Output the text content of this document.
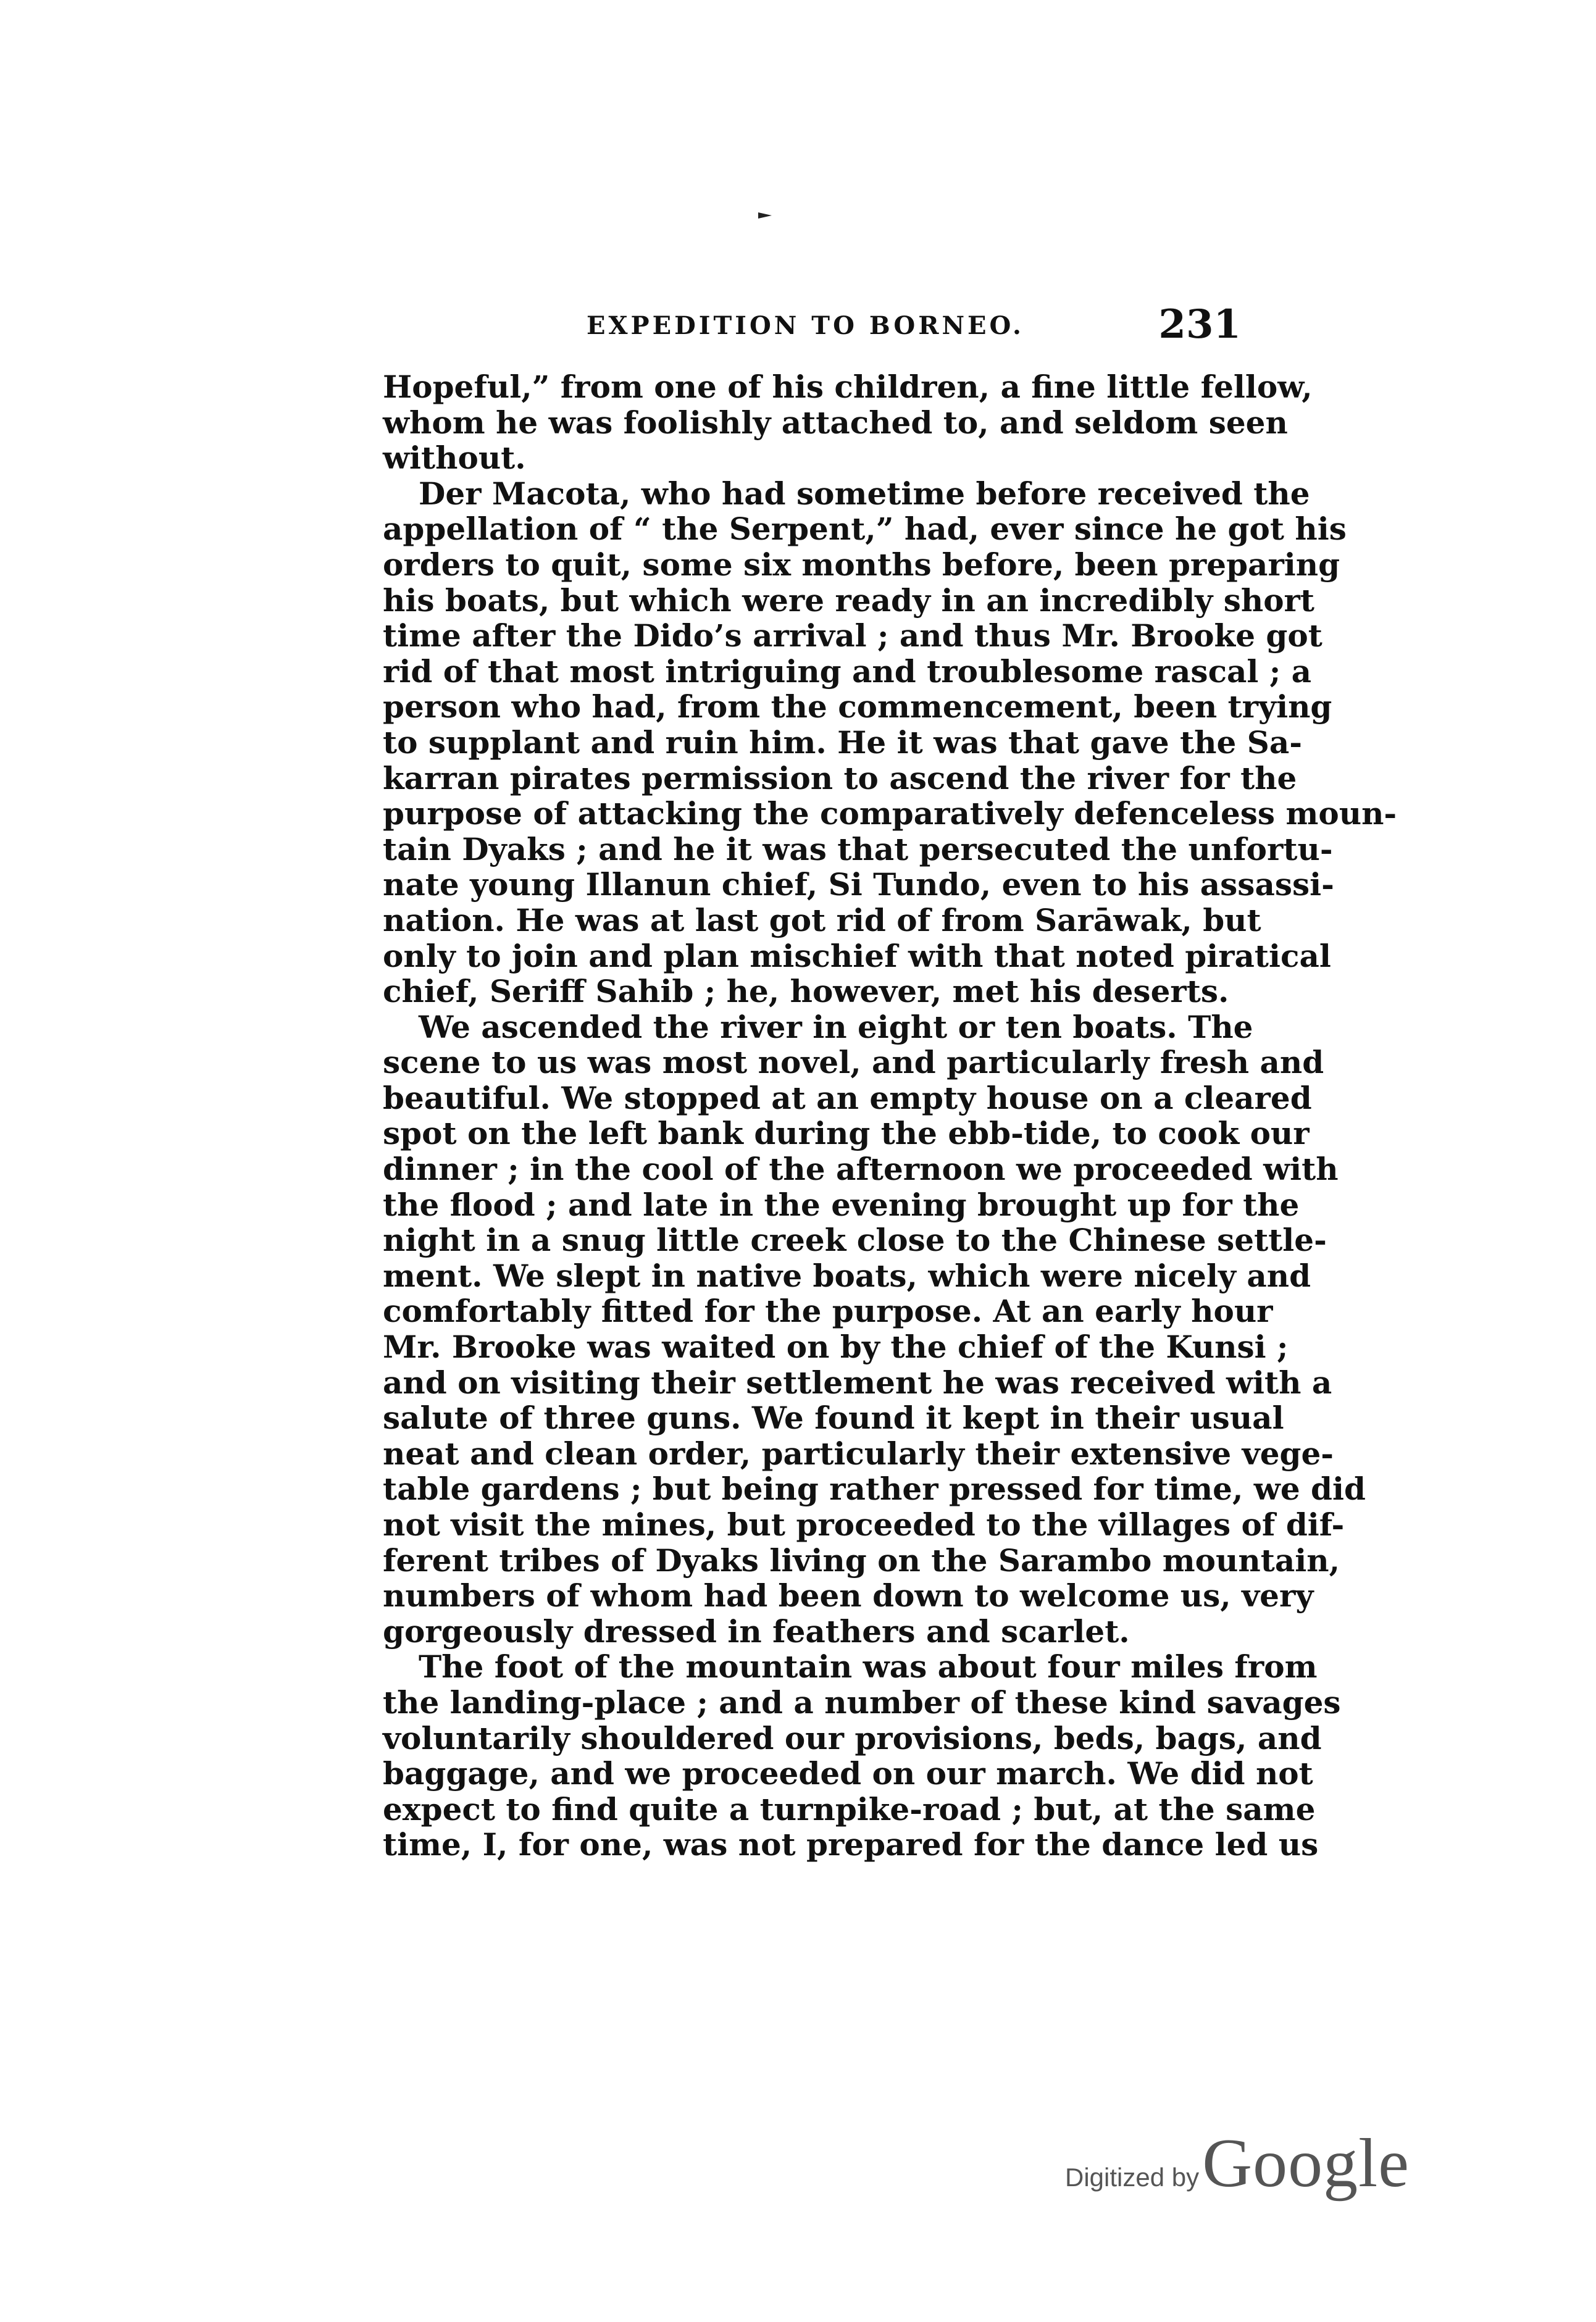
EXPEDITION TO BORNEO.	231
Hopeful,” from one of his children, a fine little fellow,
whom he was foolishly attached to, and seldom seen
without.
Der Macota, who had sometime before received the
appellation of “ the Serpent,” had, ever since he got his
orders to quit, some six months before, been preparing
his boats, but which were ready in an incredibly short
time after the Dido’s arrival ; and thus Mr. Brooke got
rid of that most intriguing and troublesome rascal ; a
person who had, from the commencement, been trying
to supplant and ruin him. He it was that gave the Sa-
karran pirates permission to ascend the river for the
purpose of attacking the comparatively defenceless moun-
tain Dyaks ; and he it was that persecuted the unfortu-
nate young Illanun chief, Si Tundo, even to his assassi-
nation. He was at last got rid of from Sarāwak, but
only to join and plan mischief with that noted piratical
chief, Seriff Sahib ; he, however, met his deserts.
We ascended the river in eight or ten boats. The
scene to us was most novel, and particularly fresh and
beautiful. We stopped at an empty house on a cleared
spot on the left bank during the ebb-tide, to cook our
dinner ; in the cool of the afternoon we proceeded with
the flood ; and late in the evening brought up for the
night in a snug little creek close to the Chinese settle-
ment. We slept in native boats, which were nicely and
comfortably fitted for the purpose. At an early hour
Mr. Brooke was waited on by the chief of the Kunsi ;
and on visiting their settlement he was received with a
salute of three guns. We found it kept in their usual
neat and clean order, particularly their extensive vege-
table gardens ; but being rather pressed for time, we did
not visit the mines, but proceeded to the villages of dif-
ferent tribes of Dyaks living on the Sarambo mountain,
numbers of whom had been down to welcome us, very
gorgeously dressed in feathers and scarlet.
The foot of the mountain was about four miles from
the landing-place ; and a number of these kind savages
voluntarily shouldered our provisions, beds, bags, and
baggage, and we proceeded on our march. We did not
expect to find quite a turnpike-road ; but, at the same
time, I, for one, was not prepared for the dance led us
Digitized by Google
